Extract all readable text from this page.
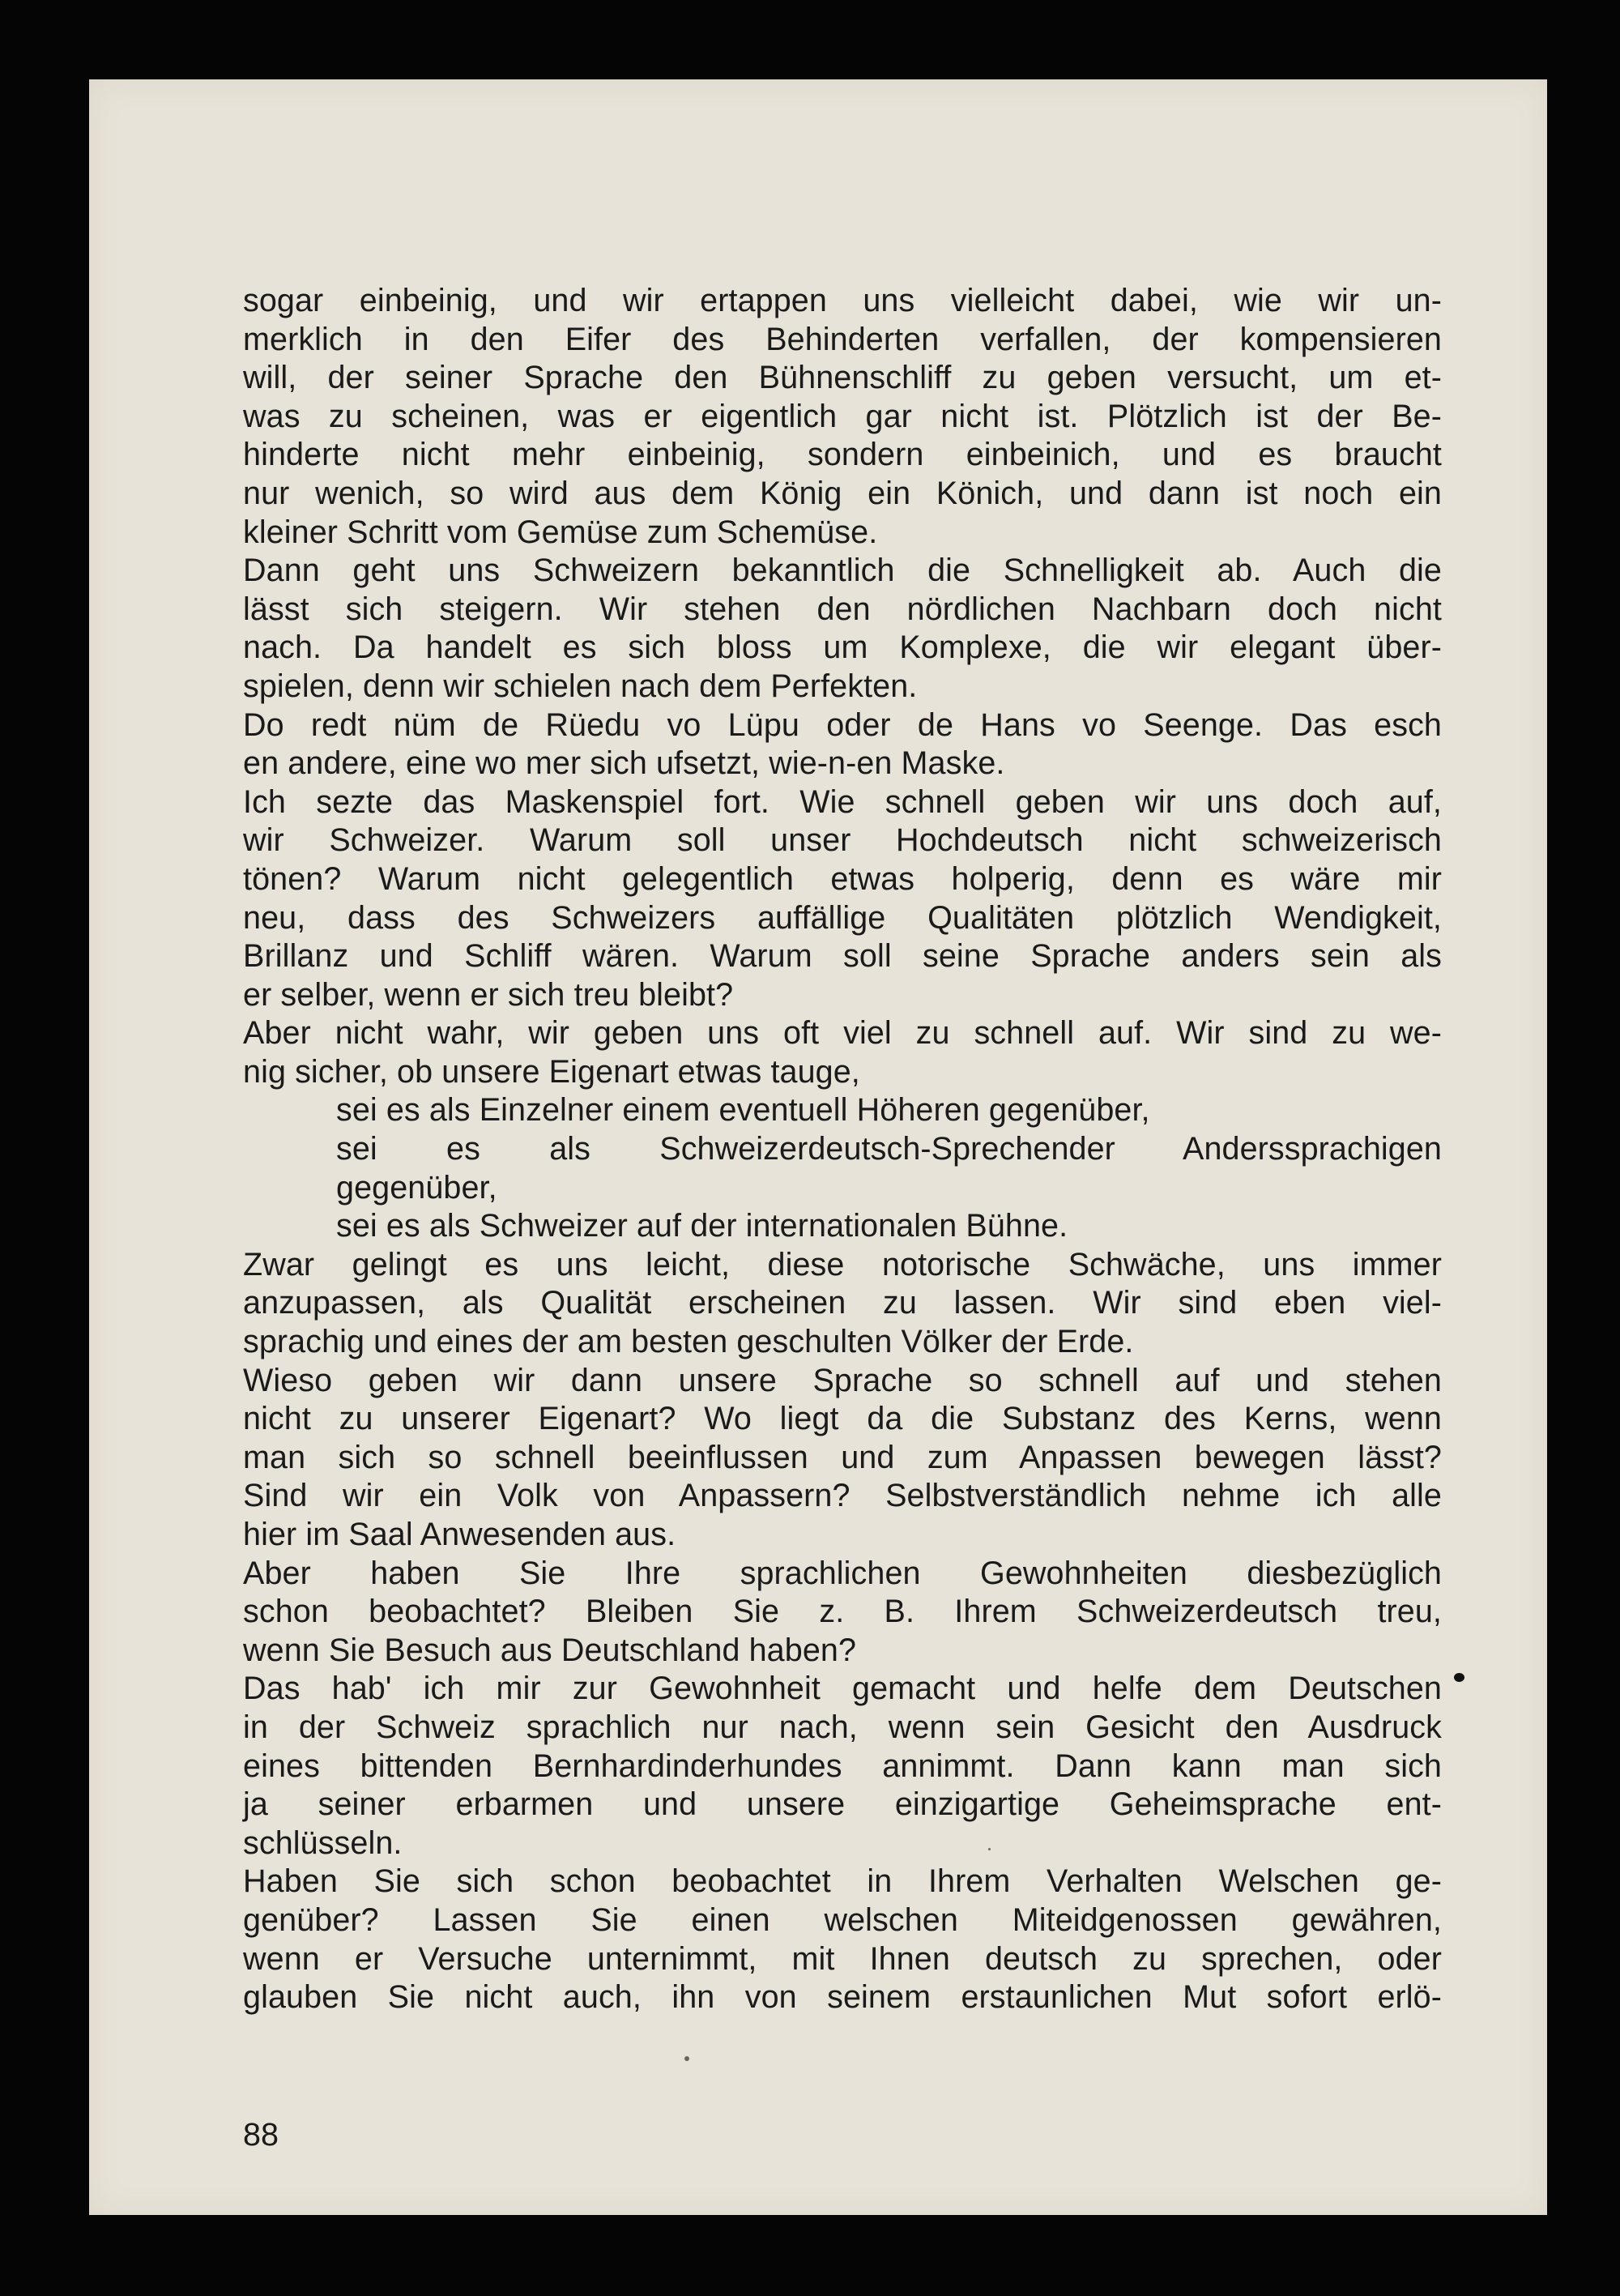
sogar einbeinig, und wir ertappen uns vielleicht dabei, wie wir un-
merklich in den Eifer des Behinderten verfallen, der kompensieren
will, der seiner Sprache den Bühnenschliff zu geben versucht, um et-
was zu scheinen, was er eigentlich gar nicht ist. Plötzlich ist der Be-
hinderte nicht mehr einbeinig, sondern einbeinich, und es braucht
nur wenich, so wird aus dem König ein Könich, und dann ist noch ein
kleiner Schritt vom Gemüse zum Schemüse.
Dann geht uns Schweizern bekanntlich die Schnelligkeit ab. Auch die
lässt sich steigern. Wir stehen den nördlichen Nachbarn doch nicht
nach. Da handelt es sich bloss um Komplexe, die wir elegant über-
spielen, denn wir schielen nach dem Perfekten.
Do redt nüm de Rüedu vo Lüpu oder de Hans vo Seenge. Das esch
en andere, eine wo mer sich ufsetzt, wie-n-en Maske.
Ich sezte das Maskenspiel fort. Wie schnell geben wir uns doch auf,
wir Schweizer. Warum soll unser Hochdeutsch nicht schweizerisch
tönen? Warum nicht gelegentlich etwas holperig, denn es wäre mir
neu, dass des Schweizers auffällige Qualitäten plötzlich Wendigkeit,
Brillanz und Schliff wären. Warum soll seine Sprache anders sein als
er selber, wenn er sich treu bleibt?
Aber nicht wahr, wir geben uns oft viel zu schnell auf. Wir sind zu we-
nig sicher, ob unsere Eigenart etwas tauge,
sei es als Einzelner einem eventuell Höheren gegenüber,
sei es als Schweizerdeutsch-Sprechender Anderssprachigen
gegenüber,
sei es als Schweizer auf der internationalen Bühne.
Zwar gelingt es uns leicht, diese notorische Schwäche, uns immer
anzupassen, als Qualität erscheinen zu lassen. Wir sind eben viel-
sprachig und eines der am besten geschulten Völker der Erde.
Wieso geben wir dann unsere Sprache so schnell auf und stehen
nicht zu unserer Eigenart? Wo liegt da die Substanz des Kerns, wenn
man sich so schnell beeinflussen und zum Anpassen bewegen lässt?
Sind wir ein Volk von Anpassern? Selbstverständlich nehme ich alle
hier im Saal Anwesenden aus.
Aber haben Sie Ihre sprachlichen Gewohnheiten diesbezüglich
schon beobachtet? Bleiben Sie z. B. Ihrem Schweizerdeutsch treu,
wenn Sie Besuch aus Deutschland haben?
Das hab' ich mir zur Gewohnheit gemacht und helfe dem Deutschen
in der Schweiz sprachlich nur nach, wenn sein Gesicht den Ausdruck
eines bittenden Bernhardinderhundes annimmt. Dann kann man sich
ja seiner erbarmen und unsere einzigartige Geheimsprache ent-
schlüsseln.
Haben Sie sich schon beobachtet in Ihrem Verhalten Welschen ge-
genüber? Lassen Sie einen welschen Miteidgenossen gewähren,
wenn er Versuche unternimmt, mit Ihnen deutsch zu sprechen, oder
glauben Sie nicht auch, ihn von seinem erstaunlichen Mut sofort erlö-
88
